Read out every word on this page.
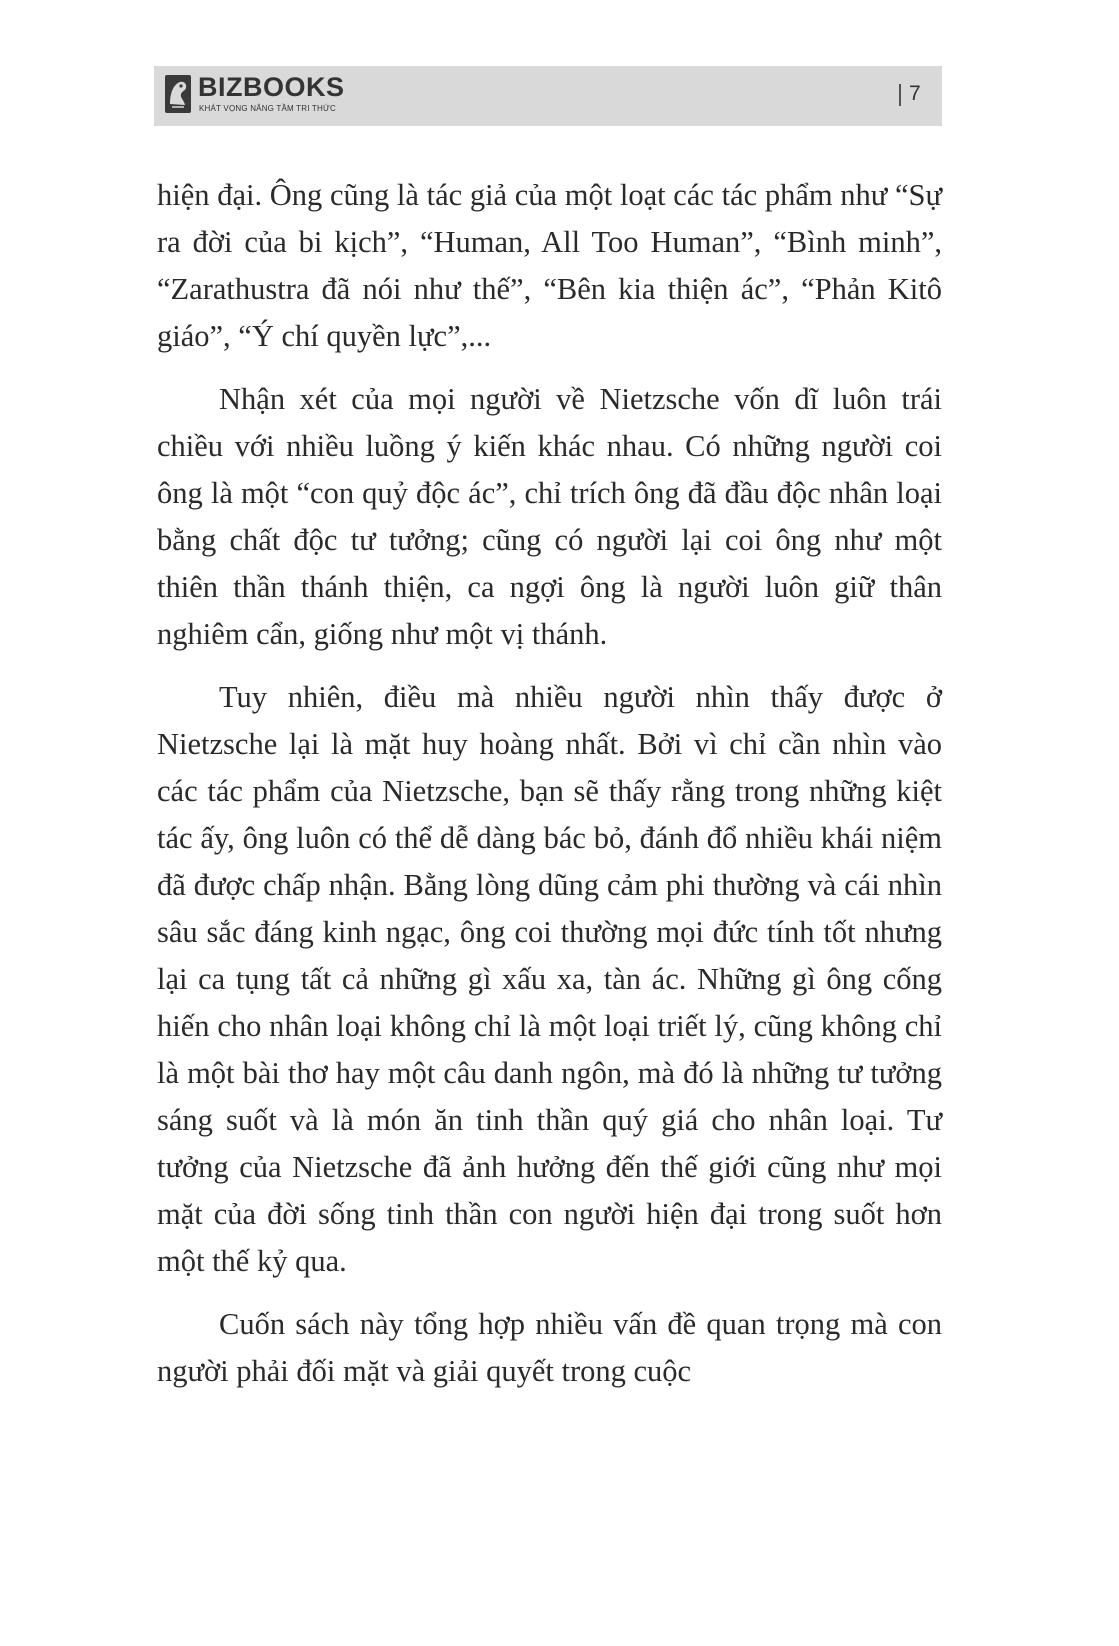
BIZBOOKS
KHÁT VỌNG NÂNG TẦM TRI THỨC
7

hiện đại. Ông cũng là tác giả của một loạt các tác phẩm như “Sự ra đời của bi kịch”, “Human, All Too Human”, “Bình minh”, “Zarathustra đã nói như thế”, “Bên kia thiện ác”, “Phản Kitô giáo”, “Ý chí quyền lực”,...

Nhận xét của mọi người về Nietzsche vốn dĩ luôn trái chiều với nhiều luồng ý kiến khác nhau. Có những người coi ông là một “con quỷ độc ác”, chỉ trích ông đã đầu độc nhân loại bằng chất độc tư tưởng; cũng có người lại coi ông như một thiên thần thánh thiện, ca ngợi ông là người luôn giữ thân nghiêm cẩn, giống như một vị thánh.

Tuy nhiên, điều mà nhiều người nhìn thấy được ở Nietzsche lại là mặt huy hoàng nhất. Bởi vì chỉ cần nhìn vào các tác phẩm của Nietzsche, bạn sẽ thấy rằng trong những kiệt tác ấy, ông luôn có thể dễ dàng bác bỏ, đánh đổ nhiều khái niệm đã được chấp nhận. Bằng lòng dũng cảm phi thường và cái nhìn sâu sắc đáng kinh ngạc, ông coi thường mọi đức tính tốt nhưng lại ca tụng tất cả những gì xấu xa, tàn ác. Những gì ông cống hiến cho nhân loại không chỉ là một loại triết lý, cũng không chỉ là một bài thơ hay một câu danh ngôn, mà đó là những tư tưởng sáng suốt và là món ăn tinh thần quý giá cho nhân loại. Tư tưởng của Nietzsche đã ảnh hưởng đến thế giới cũng như mọi mặt của đời sống tinh thần con người hiện đại trong suốt hơn một thế kỷ qua.

Cuốn sách này tổng hợp nhiều vấn đề quan trọng mà con người phải đối mặt và giải quyết trong cuộc
